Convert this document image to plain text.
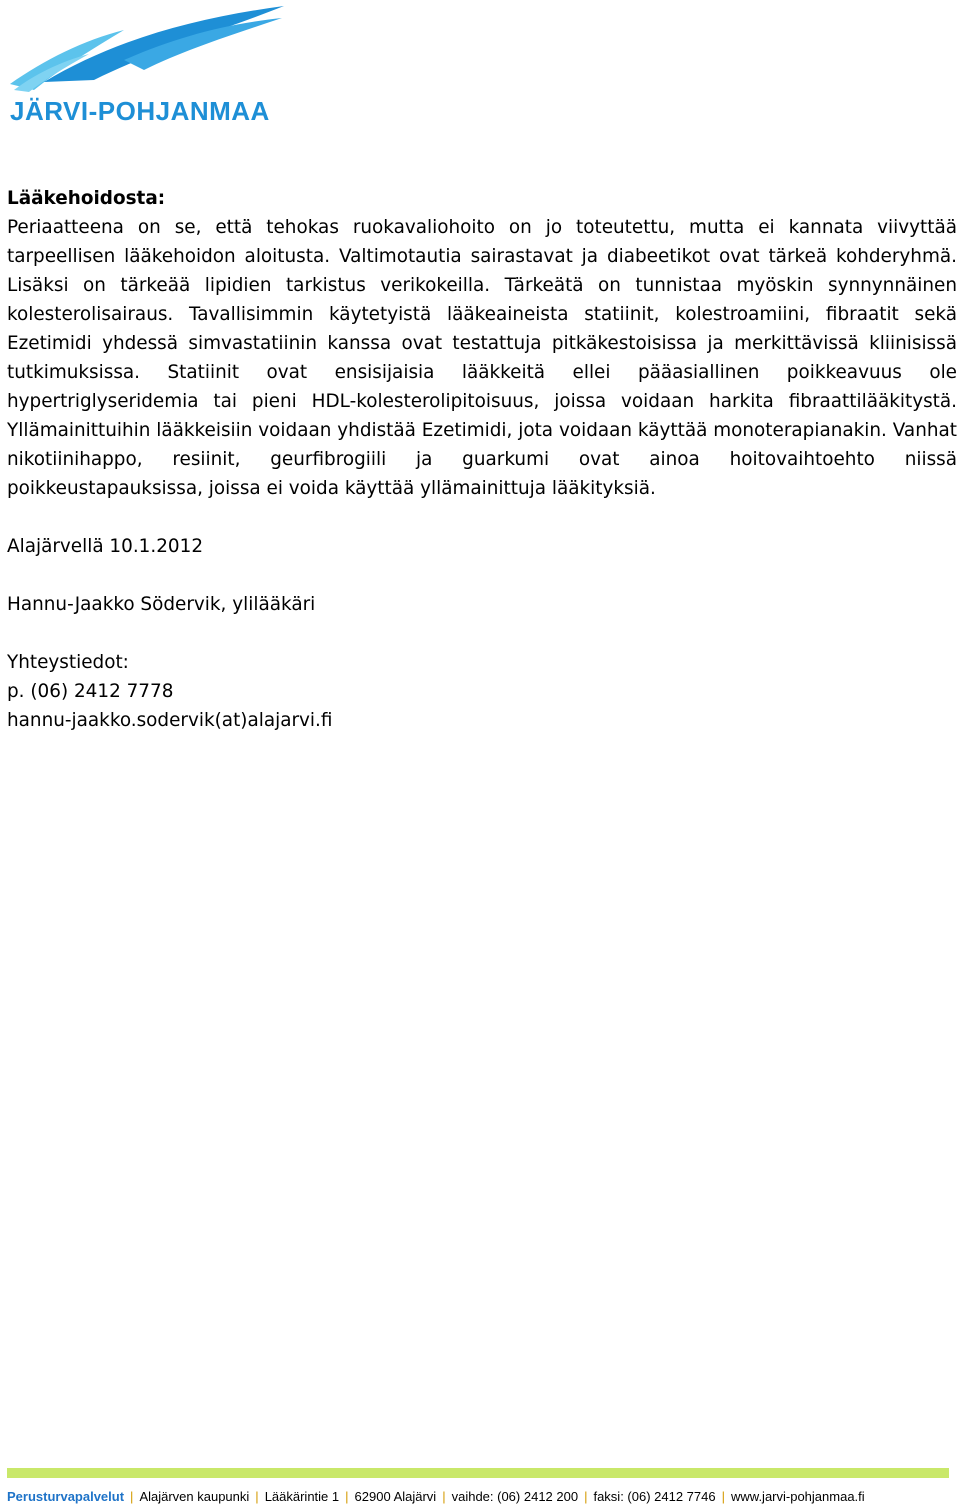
JÄRVI-POHJANMAA
Lääkehoidosta:

Periaatteena on se, että tehokas ruokavaliohoito on jo toteutettu, mutta ei kannata viivyttää tarpeellisen lääkehoidon aloitusta. Valtimotautia sairastavat ja diabeetikot ovat tärkeä kohderyhmä. Lisäksi on tärkeää lipidien tarkistus verikokeilla. Tärkeätä on tunnistaa myöskin synnynnäinen kolesterolisairaus. Tavallisimmin käytetyistä lääkeaineista statiinit, kolestroamiini, fibraatit sekä Ezetimidi yhdessä simvastatiinin kanssa ovat testattuja pitkäkestoisissa ja merkittävissä kliinisissä tutkimuksissa. Statiinit ovat ensisijaisia lääkkeitä ellei pääasiallinen poikkeavuus ole hypertriglyseridemia tai pieni HDL-kolesterolipitoisuus, joissa voidaan harkita fibraattilääkitystä. Yllämainittuihin lääkkeisiin voidaan yhdistää Ezetimidi, jota voidaan käyttää monoterapianakin. Vanhat nikotiinihappo, resiinit, geurfibrogiili ja guarkumi ovat ainoa hoitovaihtoehto niissä poikkeustapauksissa, joissa ei voida käyttää yllämainittuja lääkityksiä.

Alajärvellä 10.1.2012
Hannu-Jaakko Södervik, ylilääkäri
Yhteystiedot:
p. (06) 2412 7778
hannu-jaakko.sodervik(at)alajarvi.fi
Perusturvapalvelut | Alajärven kaupunki | Lääkärintie 1 | 62900 Alajärvi | vaihde: (06) 2412 200 | faksi: (06) 2412 7746 | www.jarvi-pohjanmaa.fi
